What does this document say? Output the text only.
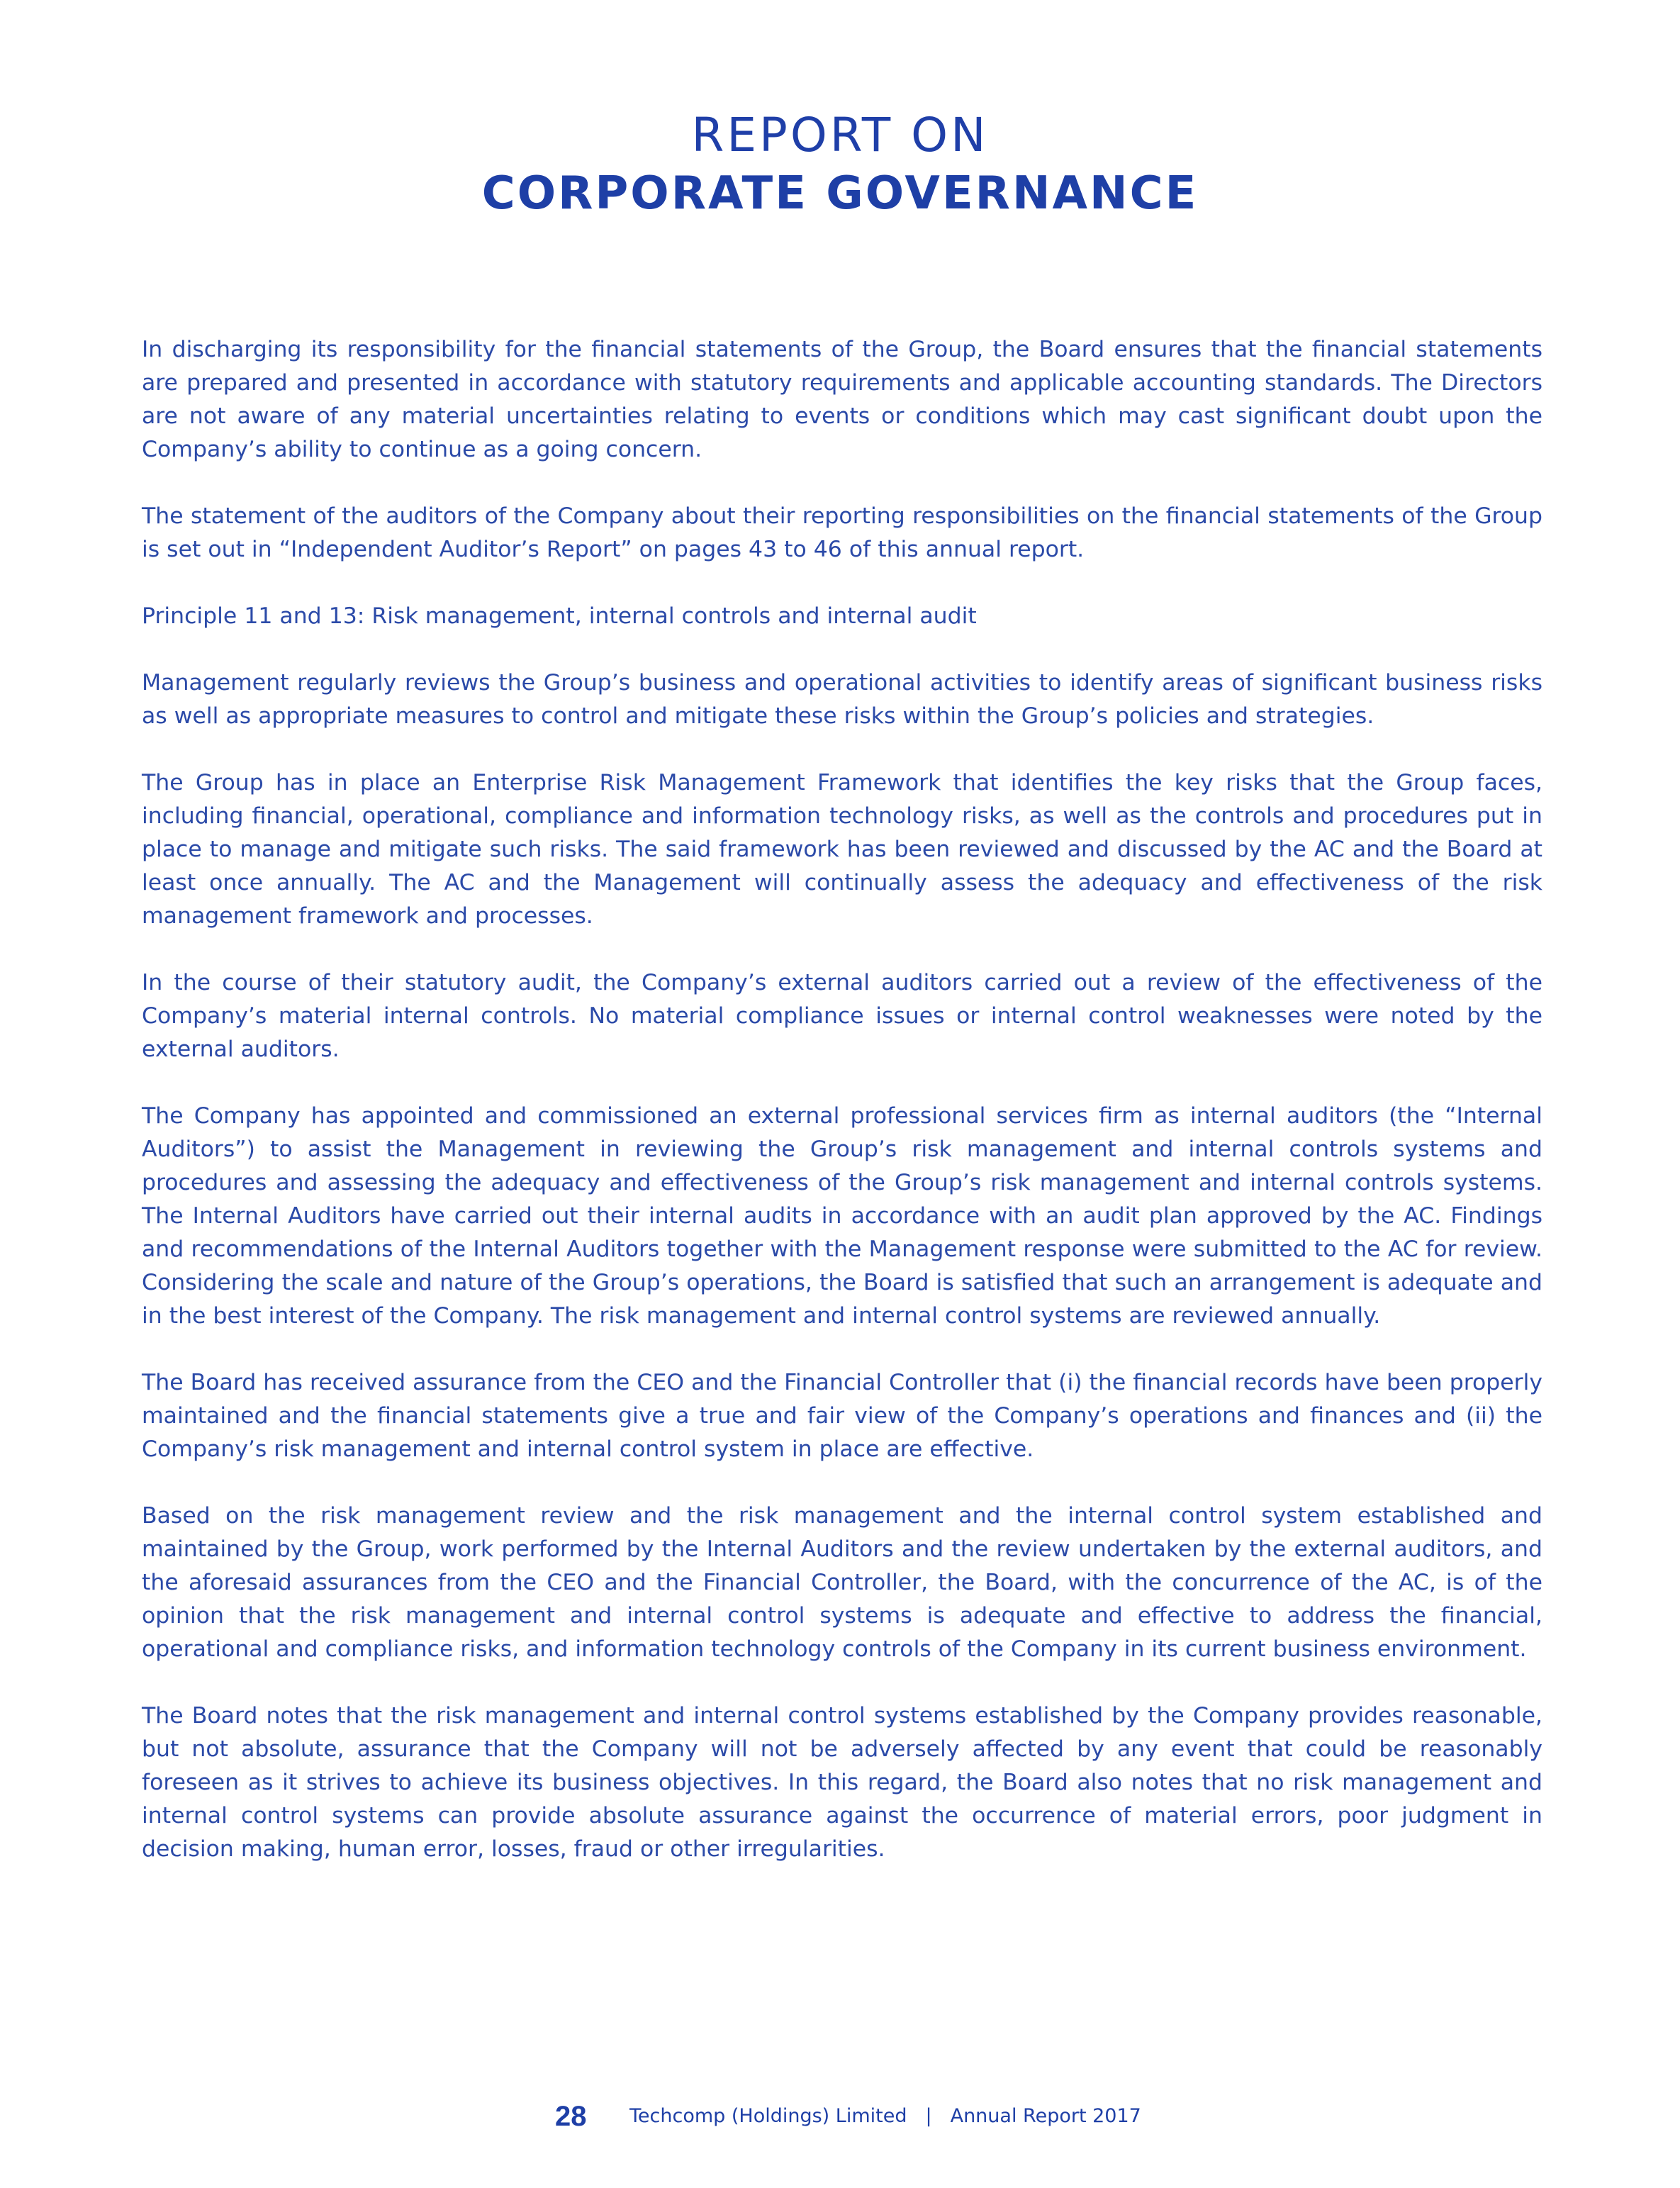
REPORT ON
CORPORATE GOVERNANCE

In discharging its responsibility for the financial statements of the Group, the Board ensures that the financial statements are prepared and presented in accordance with statutory requirements and applicable accounting standards. The Directors are not aware of any material uncertainties relating to events or conditions which may cast significant doubt upon the Company’s ability to continue as a going concern.

The statement of the auditors of the Company about their reporting responsibilities on the financial statements of the Group is set out in “Independent Auditor’s Report” on pages 43 to 46 of this annual report.

Principle 11 and 13: Risk management, internal controls and internal audit

Management regularly reviews the Group’s business and operational activities to identify areas of significant business risks as well as appropriate measures to control and mitigate these risks within the Group’s policies and strategies.

The Group has in place an Enterprise Risk Management Framework that identifies the key risks that the Group faces, including financial, operational, compliance and information technology risks, as well as the controls and procedures put in place to manage and mitigate such risks. The said framework has been reviewed and discussed by the AC and the Board at least once annually. The AC and the Management will continually assess the adequacy and effectiveness of the risk management framework and processes.

In the course of their statutory audit, the Company’s external auditors carried out a review of the effectiveness of the Company’s material internal controls. No material compliance issues or internal control weaknesses were noted by the external auditors.

The Company has appointed and commissioned an external professional services firm as internal auditors (the “Internal Auditors”) to assist the Management in reviewing the Group’s risk management and internal controls systems and procedures and assessing the adequacy and effectiveness of the Group’s risk management and internal controls systems. The Internal Auditors have carried out their internal audits in accordance with an audit plan approved by the AC. Findings and recommendations of the Internal Auditors together with the Management response were submitted to the AC for review. Considering the scale and nature of the Group’s operations, the Board is satisfied that such an arrangement is adequate and in the best interest of the Company. The risk management and internal control systems are reviewed annually.

The Board has received assurance from the CEO and the Financial Controller that (i) the financial records have been properly maintained and the financial statements give a true and fair view of the Company’s operations and finances and (ii) the Company’s risk management and internal control system in place are effective.

Based on the risk management review and the risk management and the internal control system established and maintained by the Group, work performed by the Internal Auditors and the review undertaken by the external auditors, and the aforesaid assurances from the CEO and the Financial Controller, the Board, with the concurrence of the AC, is of the opinion that the risk management and internal control systems is adequate and effective to address the financial, operational and compliance risks, and information technology controls of the Company in its current business environment.

The Board notes that the risk management and internal control systems established by the Company provides reasonable, but not absolute, assurance that the Company will not be adversely affected by any event that could be reasonably foreseen as it strives to achieve its business objectives. In this regard, the Board also notes that no risk management and internal control systems can provide absolute assurance against the occurrence of material errors, poor judgment in decision making, human error, losses, fraud or other irregularities.

28 Techcomp (Holdings) Limited | Annual Report 2017
